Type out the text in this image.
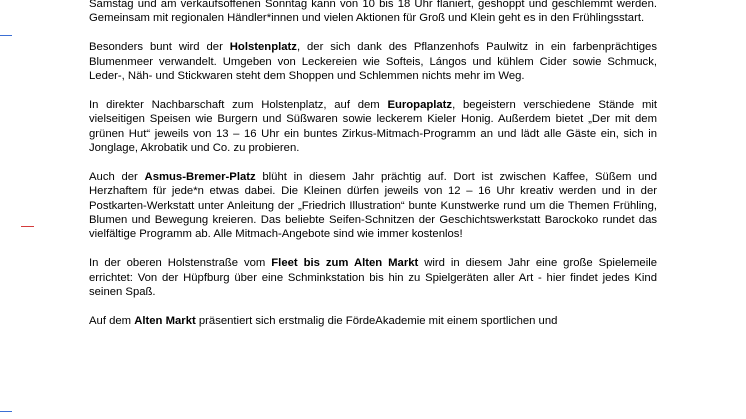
Samstag und am verkaufsoffenen Sonntag kann von 10 bis 18 Uhr flaniert, geshoppt und geschlemmt werden. Gemeinsam mit regionalen Händler*innen und vielen Aktionen für Groß und Klein geht es in den Frühlingsstart.

Besonders bunt wird der Holstenplatz, der sich dank des Pflanzenhofs Paulwitz in ein farbenprächtiges Blumenmeer verwandelt. Umgeben von Leckereien wie Softeis, Lángos und kühlem Cider sowie Schmuck, Leder-, Näh- und Stickwaren steht dem Shoppen und Schlemmen nichts mehr im Weg.

In direkter Nachbarschaft zum Holstenplatz, auf dem Europaplatz, begeistern verschiedene Stände mit vielseitigen Speisen wie Burgern und Süßwaren sowie leckerem Kieler Honig. Außerdem bietet „Der mit dem grünen Hut“ jeweils von 13 – 16 Uhr ein buntes Zirkus-Mitmach-Programm an und lädt alle Gäste ein, sich in Jonglage, Akrobatik und Co. zu probieren.

Auch der Asmus-Bremer-Platz blüht in diesem Jahr prächtig auf. Dort ist zwischen Kaffee, Süßem und Herzhaftem für jede*n etwas dabei. Die Kleinen dürfen jeweils von 12 – 16 Uhr kreativ werden und in der Postkarten-Werkstatt unter Anleitung der „Friedrich Illustration“ bunte Kunstwerke rund um die Themen Frühling, Blumen und Bewegung kreieren. Das beliebte Seifen-Schnitzen der Geschichtswerkstatt Barockoko rundet das vielfältige Programm ab. Alle Mitmach-Angebote sind wie immer kostenlos!

In der oberen Holstenstraße vom Fleet bis zum Alten Markt wird in diesem Jahr eine große Spielemeile errichtet: Von der Hüpfburg über eine Schminkstation bis hin zu Spielgeräten aller Art - hier findet jedes Kind seinen Spaß.

Auf dem Alten Markt präsentiert sich erstmalig die FördeAkademie mit einem sportlichen und
